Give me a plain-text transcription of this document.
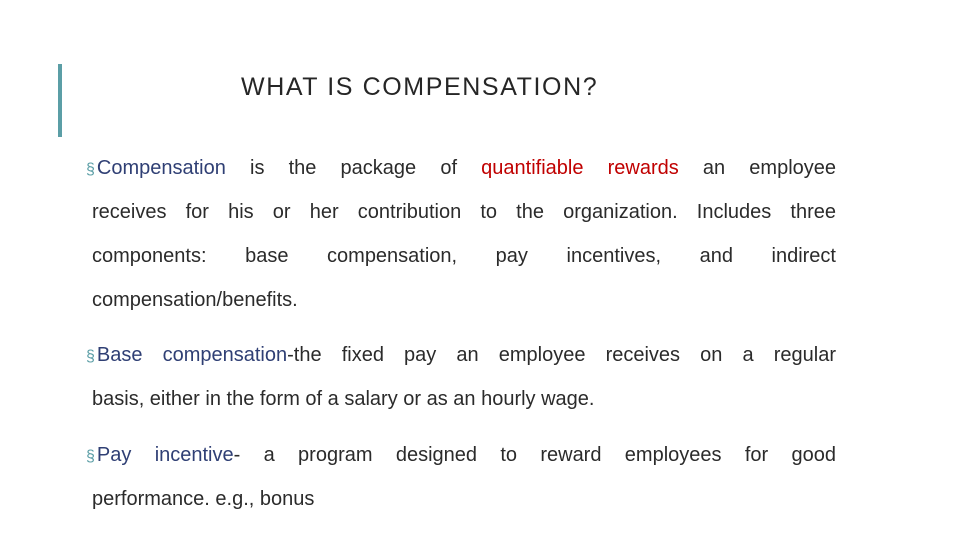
WHAT IS COMPENSATION?
§ Compensation is the package of quantifiable rewards an employee
receives for his or her contribution to the organization. Includes three
components: base compensation, pay incentives, and indirect
compensation/benefits.
§ Base compensation-the fixed pay an employee receives on a regular
basis, either in the form of a salary or as an hourly wage.
§ Pay incentive- a program designed to reward employees for good
performance. e.g., bonus
